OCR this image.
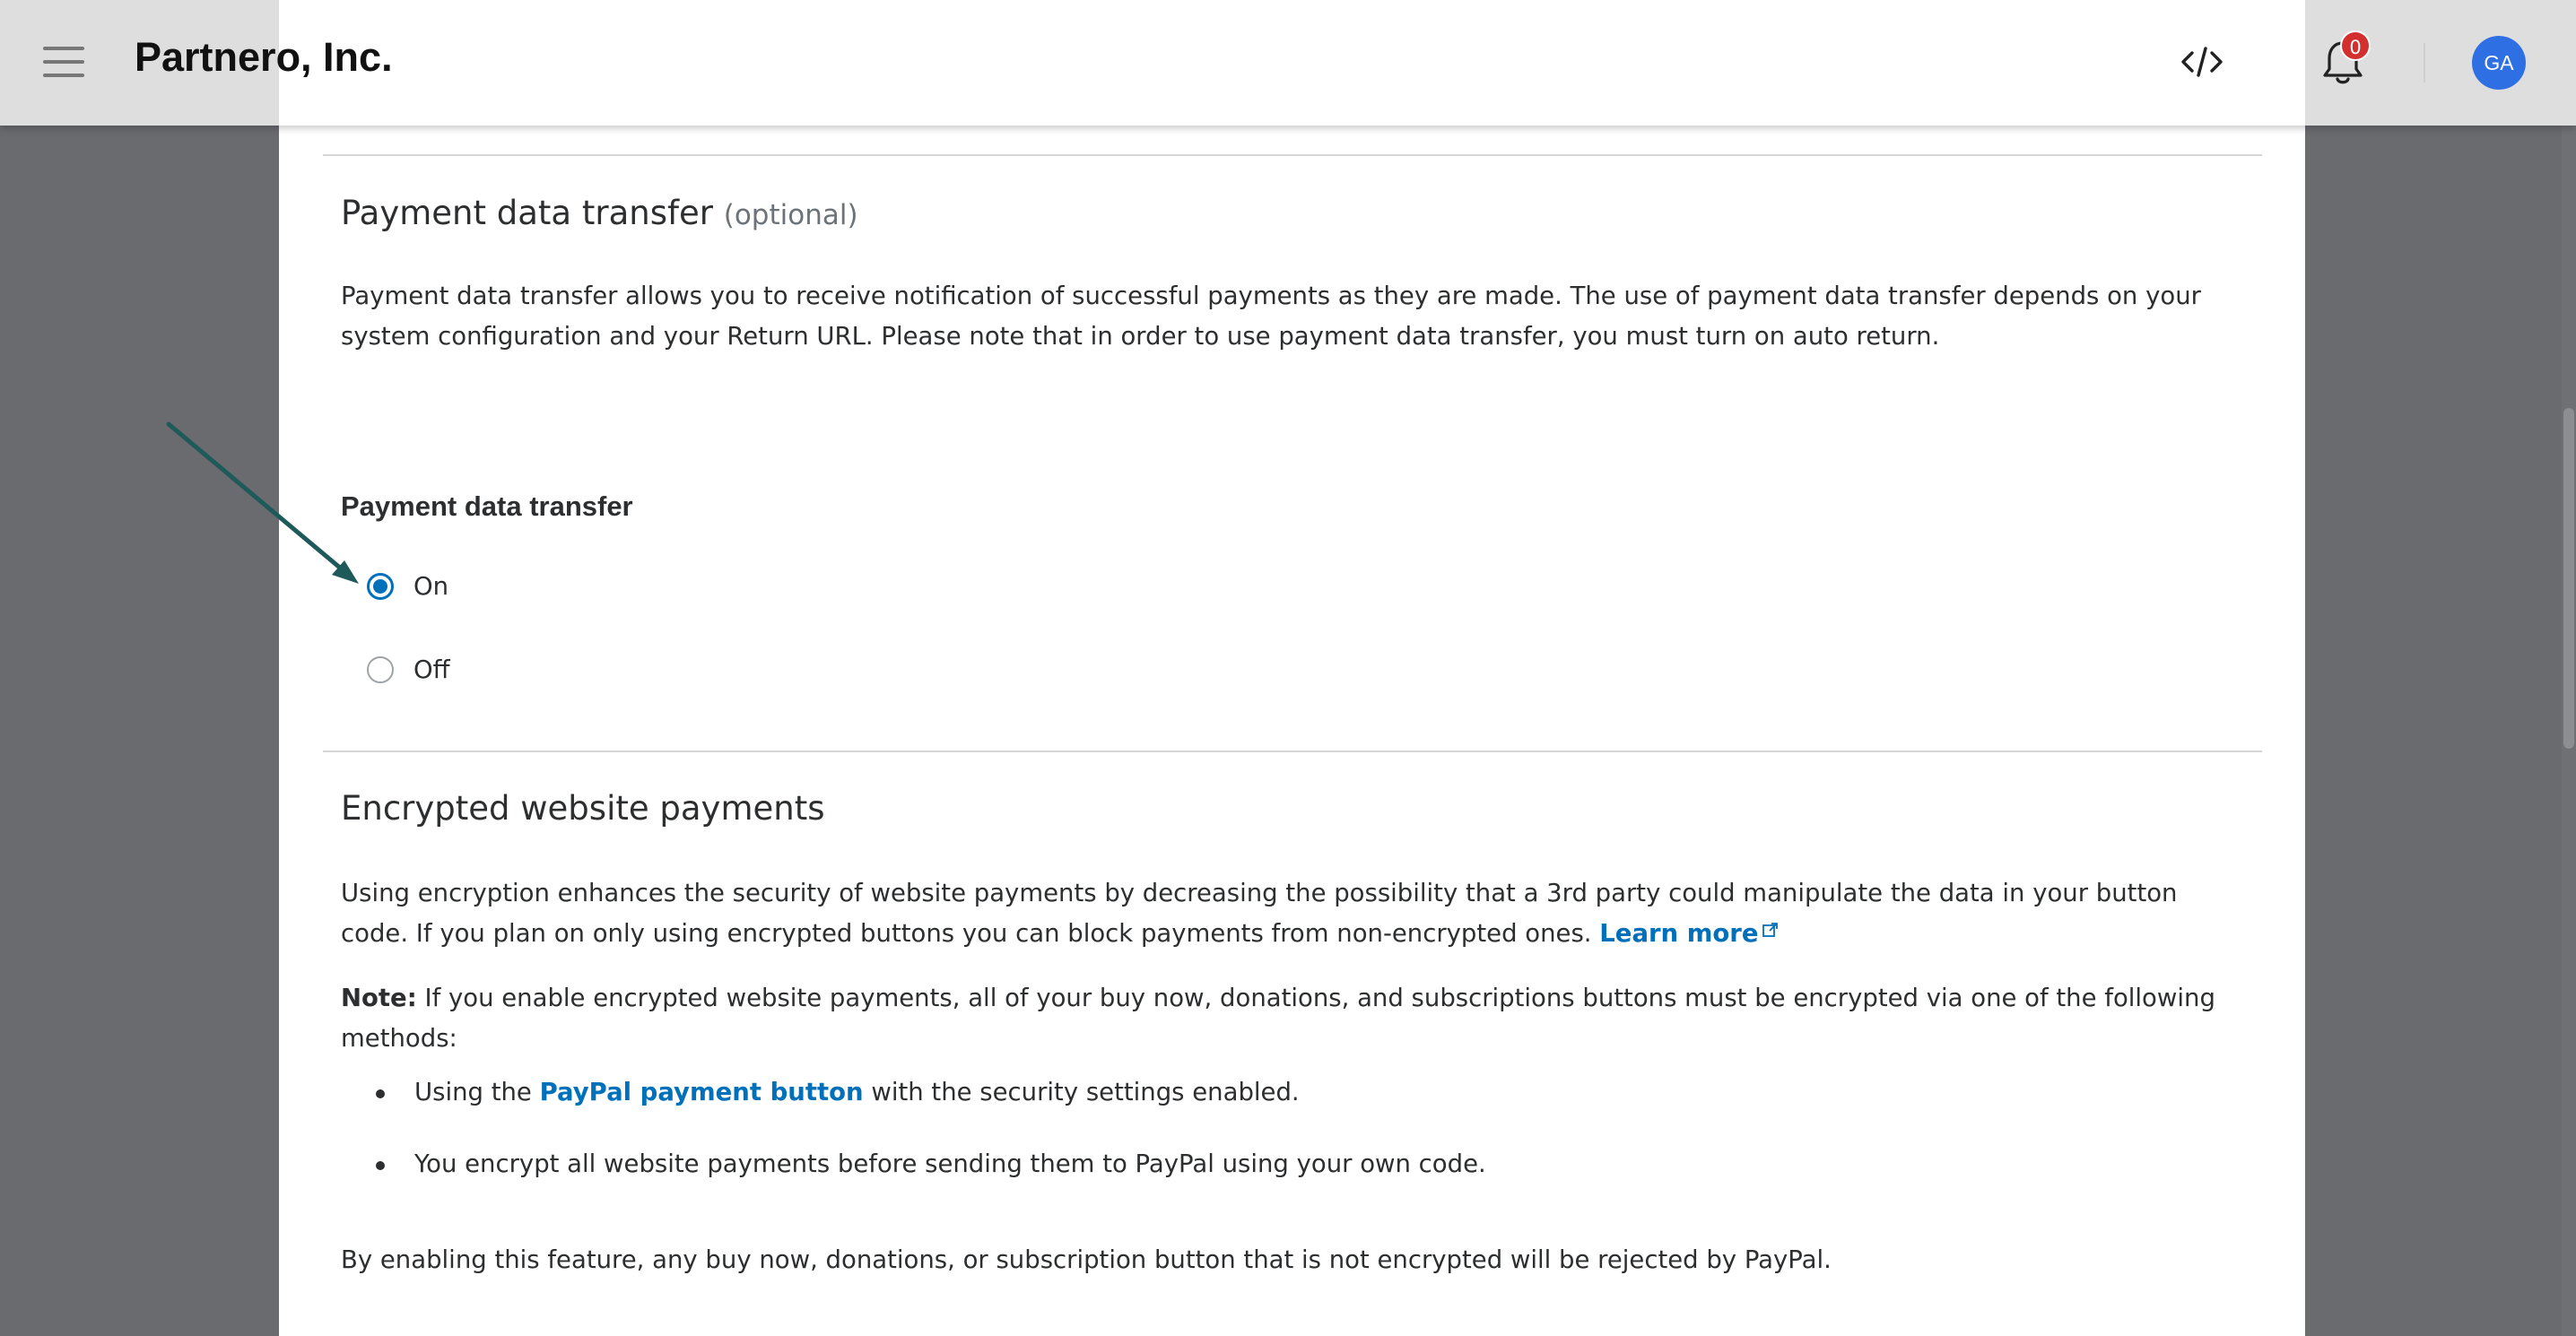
Payment data transfer (optional)

Payment data transfer allows you to receive notification of successful payments as they are made. The use of payment data transfer depends on your system configuration and your Return URL. Please note that in order to use payment data transfer, you must turn on auto return.

Payment data transfer
On
Off
Encrypted website payments

Using encryption enhances the security of website payments by decreasing the possibility that a 3rd party could manipulate the data in your button code. If you plan on only using encrypted buttons you can block payments from non-encrypted ones. Learn more

Note: If you enable encrypted website payments, all of your buy now, donations, and subscriptions buttons must be encrypted via one of the following methods:

Using the PayPal payment button with the security settings enabled.
You encrypt all website payments before sending them to PayPal using your own code.

By enabling this feature, any buy now, donations, or subscription button that is not encrypted will be rejected by PayPal.

Partnero, Inc.	0
GA
